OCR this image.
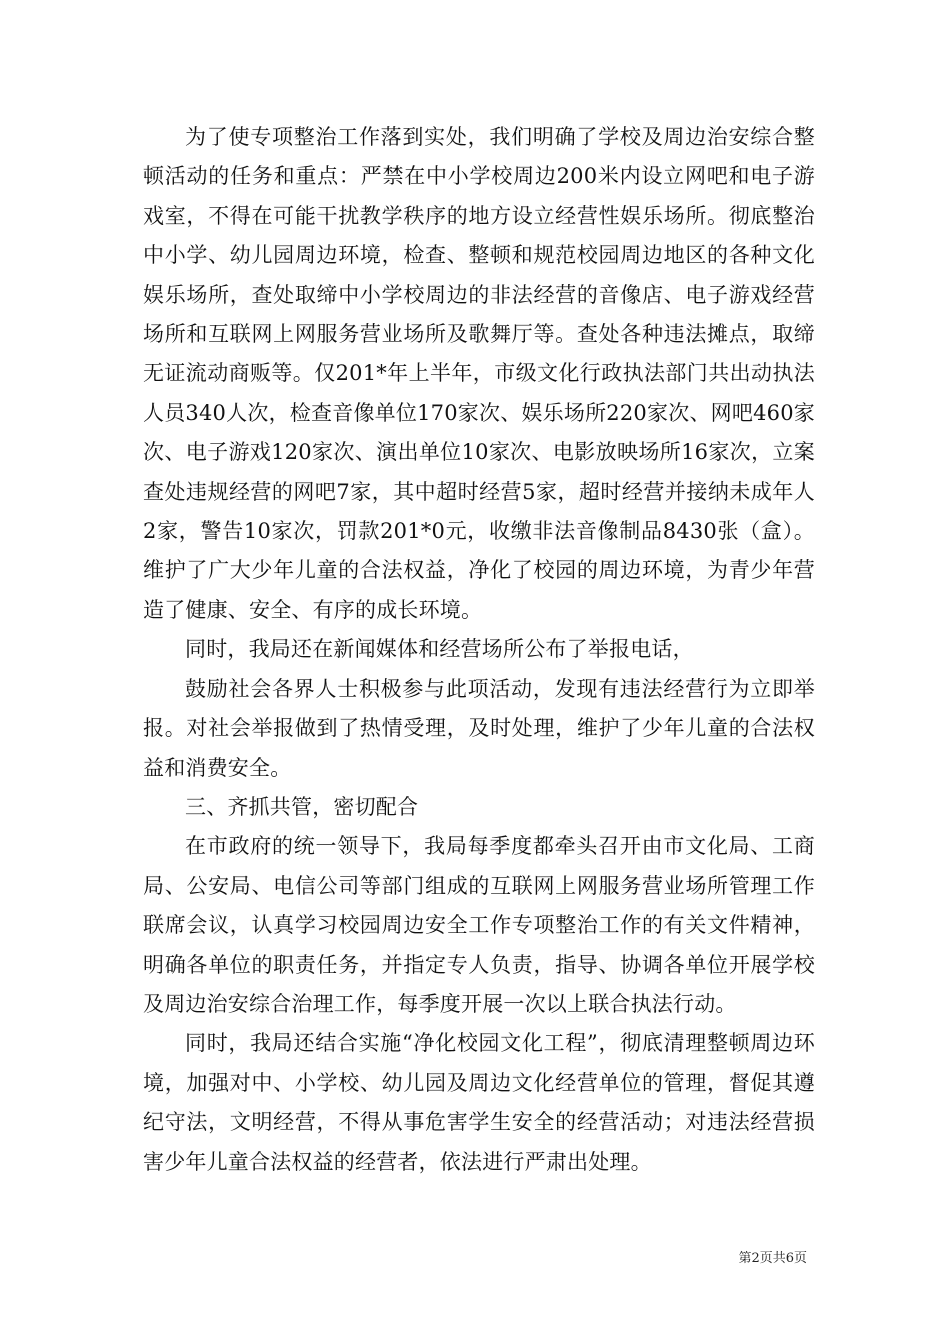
为了使专项整治工作落到实处，我们明确了学校及周边治安综合整顿活动的任务和重点：严禁在中小学校周边200米内设立网吧和电子游戏室，不得在可能干扰教学秩序的地方设立经营性娱乐场所。彻底整治中小学、幼儿园周边环境，检查、整顿和规范校园周边地区的各种文化娱乐场所，查处取缔中小学校周边的非法经营的音像店、电子游戏经营场所和互联网上网服务营业场所及歌舞厅等。查处各种违法摊点，取缔无证流动商贩等。仅201*年上半年，市级文化行政执法部门共出动执法人员340人次，检查音像单位170家次、娱乐场所220家次、网吧460家次、电子游戏120家次、演出单位10家次、电影放映场所16家次，立案查处违规经营的网吧7家，其中超时经营5家，超时经营并接纳未成年人2家，警告10家次，罚款201*0元，收缴非法音像制品8430张（盒）。维护了广大少年儿童的合法权益，净化了校园的周边环境，为青少年营造了健康、安全、有序的成长环境。

同时，我局还在新闻媒体和经营场所公布了举报电话，

鼓励社会各界人士积极参与此项活动，发现有违法经营行为立即举报。对社会举报做到了热情受理，及时处理，维护了少年儿童的合法权益和消费安全。

三、齐抓共管，密切配合

在市政府的统一领导下，我局每季度都牵头召开由市文化局、工商局、公安局、电信公司等部门组成的互联网上网服务营业场所管理工作联席会议，认真学习校园周边安全工作专项整治工作的有关文件精神，明确各单位的职责任务，并指定专人负责，指导、协调各单位开展学校及周边治安综合治理工作，每季度开展一次以上联合执法行动。

同时，我局还结合实施“净化校园文化工程”，彻底清理整顿周边环境，加强对中、小学校、幼儿园及周边文化经营单位的管理，督促其遵纪守法，文明经营，不得从事危害学生安全的经营活动；对违法经营损害少年儿童合法权益的经营者，依法进行严肃出处理。

第2页共6页
